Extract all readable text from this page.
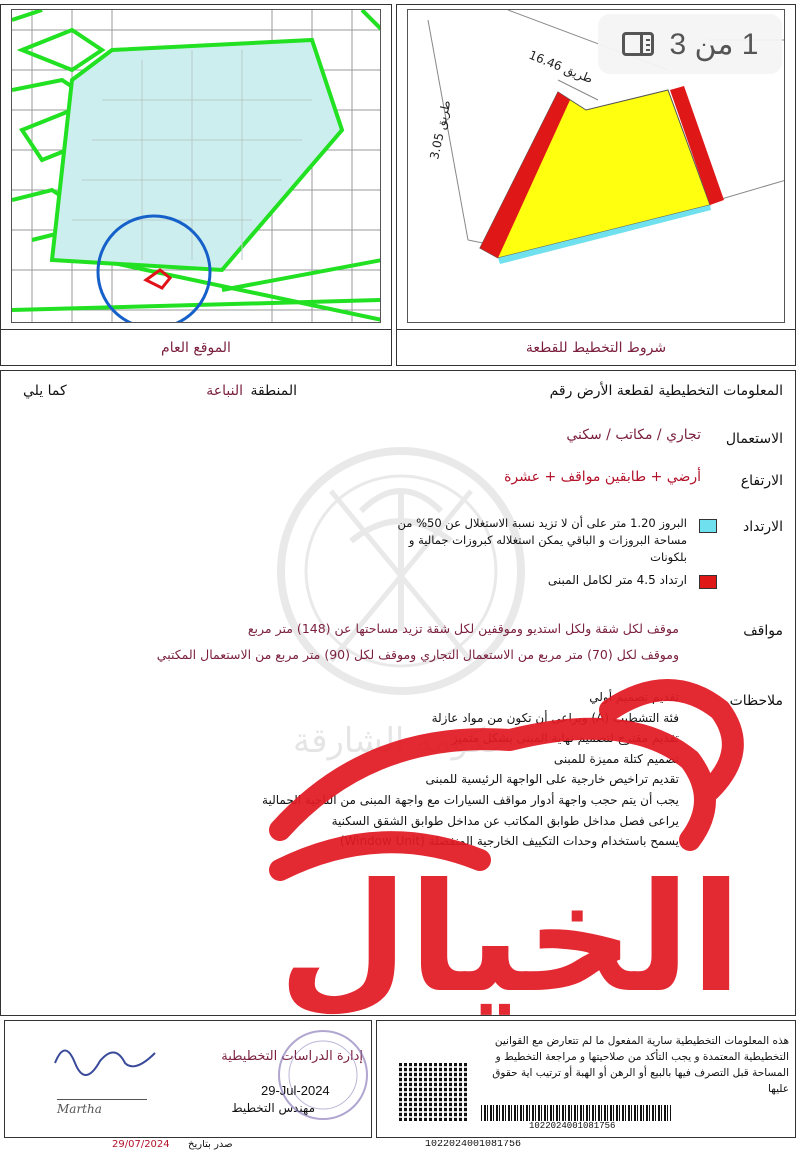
الموقع العام
طريق 16.46
طريق 3.05
شروط التخطيط للقطعة
1 من 3
حكومة الشارقة
المعلومات التخطيطية لقطعة الأرض رقم
المنطقة
النباعة
كما يلي
الاستعمال
تجاري / مكاتب / سكني
الارتفاع
أرضي + طابقين مواقف + عشرة
الارتداد
البروز 1.20 متر على أن لا تزيد نسبة الاستغلال عن 50% من مساحة البروزات و الباقي يمكن استغلاله كبروزات جمالية و بلكونات
ارتداد 4.5 متر لكامل المبنى
مواقف
موقف لكل شقة ولكل استديو وموقفين لكل شقة تزيد مساحتها عن (148) متر مربع
وموقف لكل (70) متر مربع من الاستعمال التجاري وموقف لكل (90) متر مربع من الاستعمال المكتبي
ملاحظات
تقديم تصميم أولي
فئة التشطيب (A) ويراعى أن تكون من مواد عازلة
تقديم مقترح لتصميم نهاية المبنى بشكل متميز
تصميم كتلة مميزة للمبنى
تقديم تراخيص خارجية على الواجهة الرئيسية للمبنى
يجب أن يتم حجب واجهة أدوار مواقف السيارات مع واجهة المبنى من الناحية الجمالية
يراعى فصل مداخل طوابق المكاتب عن مداخل طوابق الشقق السكنية
يسمح باستخدام وحدات التكييف الخارجية المنفصلة (Window Unit)
Martha
إدارة الدراسات التخطيطية
29-Jul-2024
مهندس التخطيط
هذه المعلومات التخطيطية سارية المفعول ما لم تتعارض مع القوانين التخطيطية المعتمدة و يجب التأكد من صلاحيتها و مراجعة التخطيط و المساحة قبل التصرف فيها بالبيع أو الرهن أو الهبة أو ترتيب اية حقوق عليها
1022024001081756
29/07/2024 صدر بتاريخ	1022024001081756
الخيال
